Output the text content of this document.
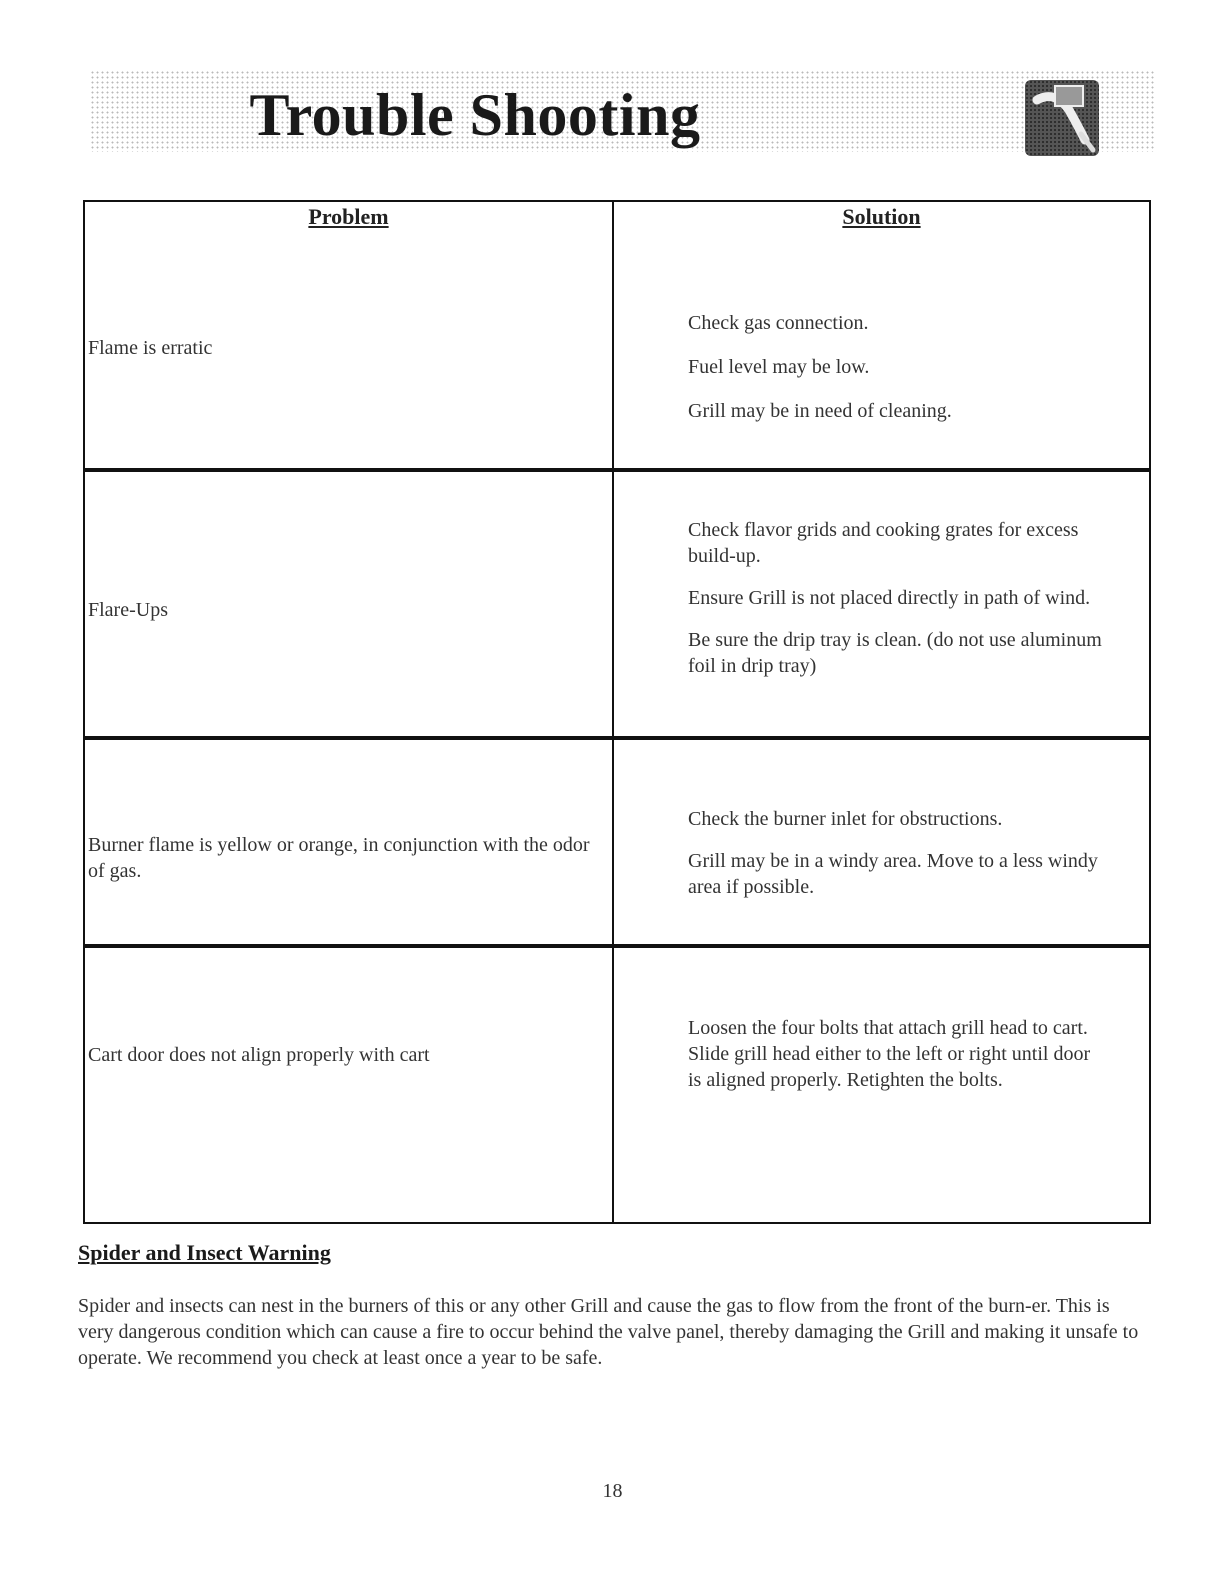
Trouble Shooting
Problem	Solution
Flame is erratic

Check gas connection.

Fuel level may be low.

Grill may be in need of cleaning.

Flare-Ups

Check flavor grids and cooking grates for excess build-up.

Ensure Grill is not placed directly in path of wind.

Be sure the drip tray is clean. (do not use aluminum foil in drip tray)

Burner flame is yellow or orange, in conjunction with the odor of gas.

Check the burner inlet for obstructions.

Grill may be in a windy area. Move to a less windy area if possible.

Cart door does not align properly with cart

Loosen the four bolts that attach grill head to cart. Slide grill head either to the left or right until door is aligned properly. Retighten the bolts.

Spider and Insect Warning
Spider and insects can nest in the burners of this or any other Grill and cause the gas to flow from the front of the burn-er. This is very dangerous condition which can cause a fire to occur behind the valve panel, thereby damaging the Grill and making it unsafe to operate. We recommend you check at least once a year to be safe.
18
